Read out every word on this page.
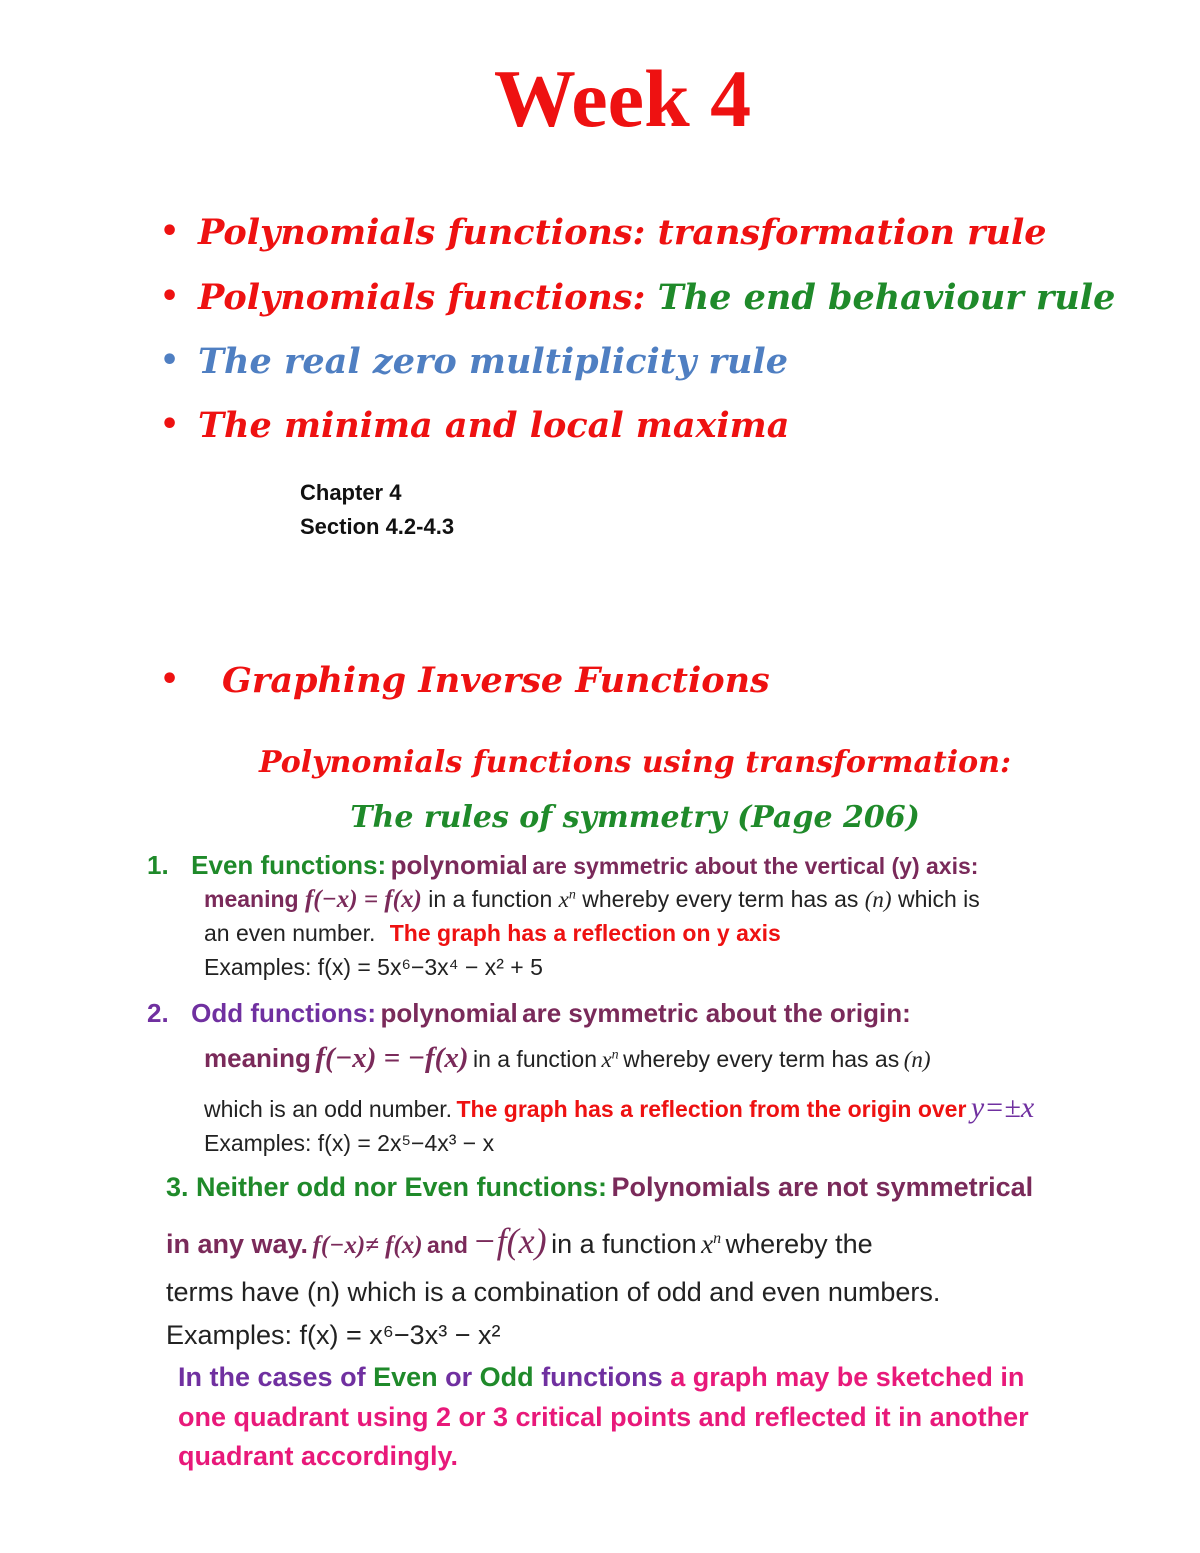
Week 4
• Polynomials functions: transformation rule
• Polynomials functions: The end behaviour rule
• The real zero multiplicity rule
• The minima and local maxima
Chapter 4
Section 4.2-4.3
• Graphing Inverse Functions
Polynomials functions using transformation:
The rules of symmetry (Page 206)
1. Even functions: polynomial are symmetric about the vertical (y) axis:
meaning f(−x) = f(x) in a function $x^n$ whereby every term has as (n) which is
an even number. The graph has a reflection on y axis
Examples: f(x) = 5x⁶−3x⁴ − x² + 5
2. Odd functions: polynomial are symmetric about the origin:
meaning f(−x) = −f(x) in a function $x^n$ whereby every term has as (n)
which is an odd number. The graph has a reflection from the origin over y=±x
Examples: f(x) = 2x⁵−4x³ − x
3. Neither odd nor Even functions: Polynomials are not symmetrical
in any way. f(−x)≠ f(x) and −f(x) in a function $x^n$ whereby the
terms have (n) which is a combination of odd and even numbers.
Examples: f(x) = x⁶−3x³ − x²
In the cases of Even or Odd functions a graph may be sketched in
one quadrant using 2 or 3 critical points and reflected it in another
quadrant accordingly.
